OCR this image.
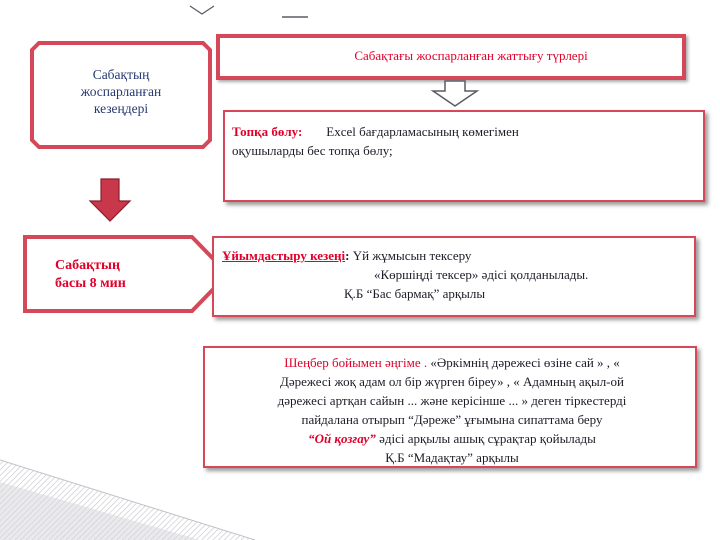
Сабақтың жоспарланған кезеңдері
Сабақтағы жоспарланған жаттығу түрлері
Топқа бөлу: Excel бағдарламасының көмегімен
оқушыларды бес топқа бөлу;
Сабақтың
басы 8 мин
Ұйымдастыру кезеңі: Үй жұмысын тексеру
«Көршіңді тексер» әдісі қолданылады.
Қ.Б “Бас бармақ” арқылы
Шеңбер бойымен әңгіме . «Әркімнің дәрежесі өзіне сай » , «
Дәрежесі жоқ адам ол бір жүрген біреу» , « Адамның ақыл-ой
дәрежесі артқан сайын ... және керісінше ... » деген тіркестерді
пайдалана отырып “Дәреже” ұғымына сипаттама беру
“Ой қозғау” әдісі арқылы ашық сұрақтар қойылады
Қ.Б “Мадақтау” арқылы
